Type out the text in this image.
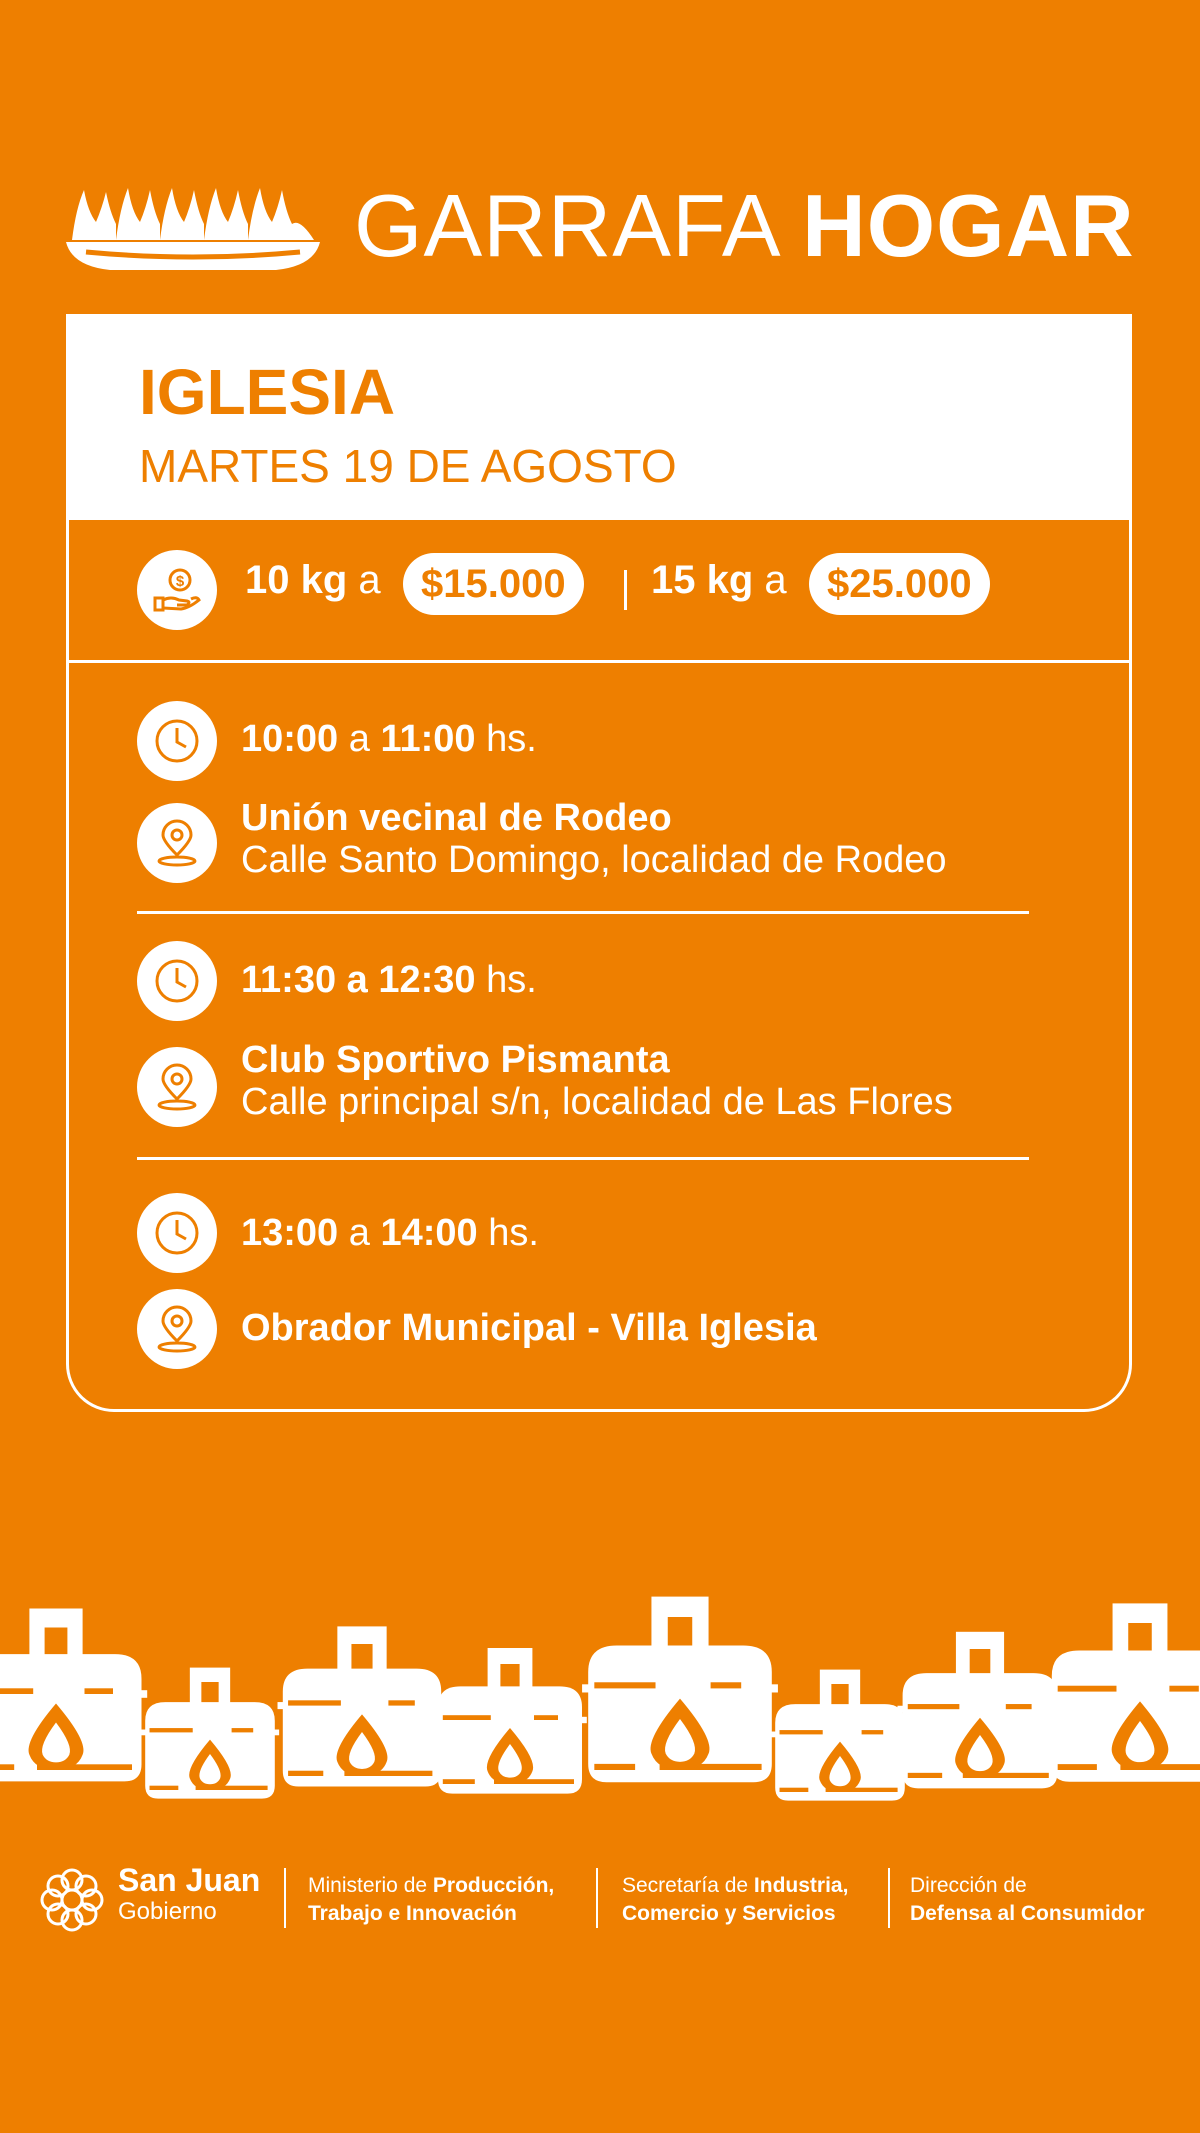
GARRAFA HOGAR
IGLESIA
MARTES 19 DE AGOSTO
$ 10 kg a	$15.000	15 kg a	$25.000
10:00 a 11:00 hs.
Unión vecinal de Rodeo
Calle Santo Domingo, localidad de Rodeo
11:30 a 12:30 hs.
Club Sportivo Pismanta
Calle principal s/n, localidad de Las Flores
13:00 a 14:00 hs.
Obrador Municipal - Villa Iglesia
San Juan
Gobierno
Ministerio de Producción,
Trabajo e Innovación
Secretaría de Industria,
Comercio y Servicios
Dirección de
Defensa al Consumidor
